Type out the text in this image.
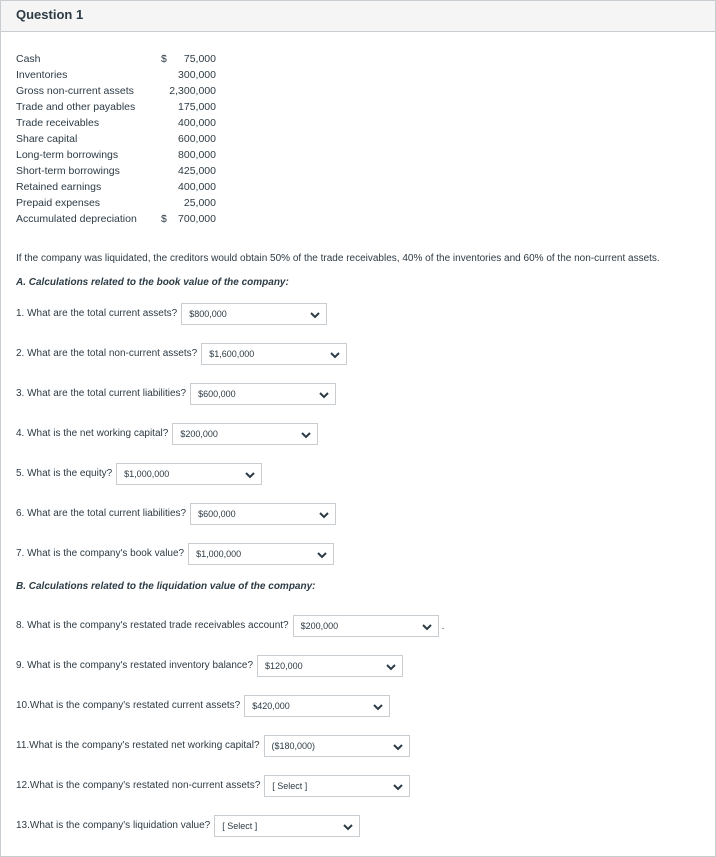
Question 1
Cash	$ 75,000
Inventories	300,000
Gross non-current assets	2,300,000
Trade and other payables	175,000
Trade receivables	400,000
Share capital	600,000
Long-term borrowings	800,000
Short-term borrowings	425,000
Retained earnings	400,000
Prepaid expenses	25,000
Accumulated depreciation $ 700,000
If the company was liquidated, the creditors would obtain 50% of the trade receivables, 40% of the inventories and 60% of the non-current assets.
A. Calculations related to the book value of the company:
1. What are the total current assets? $800,000
2. What are the total non-current assets? $1,600,000
3. What are the total current liabilities? $600,000
4. What is the net working capital? $200,000
5. What is the equity? $1,000,000
6. What are the total current liabilities? $600,000
7. What is the company's book value? $1,000,000
B. Calculations related to the liquidation value of the company:
8. What is the company's restated trade receivables account? $200,000	.
9. What is the company's restated inventory balance? $120,000
10.What is the company's restated current assets? $420,000
11.What is the company's restated net working capital? ($180,000)
12.What is the company's restated non-current assets? [ Select ]
13.What is the company's liquidation value? [ Select ]
